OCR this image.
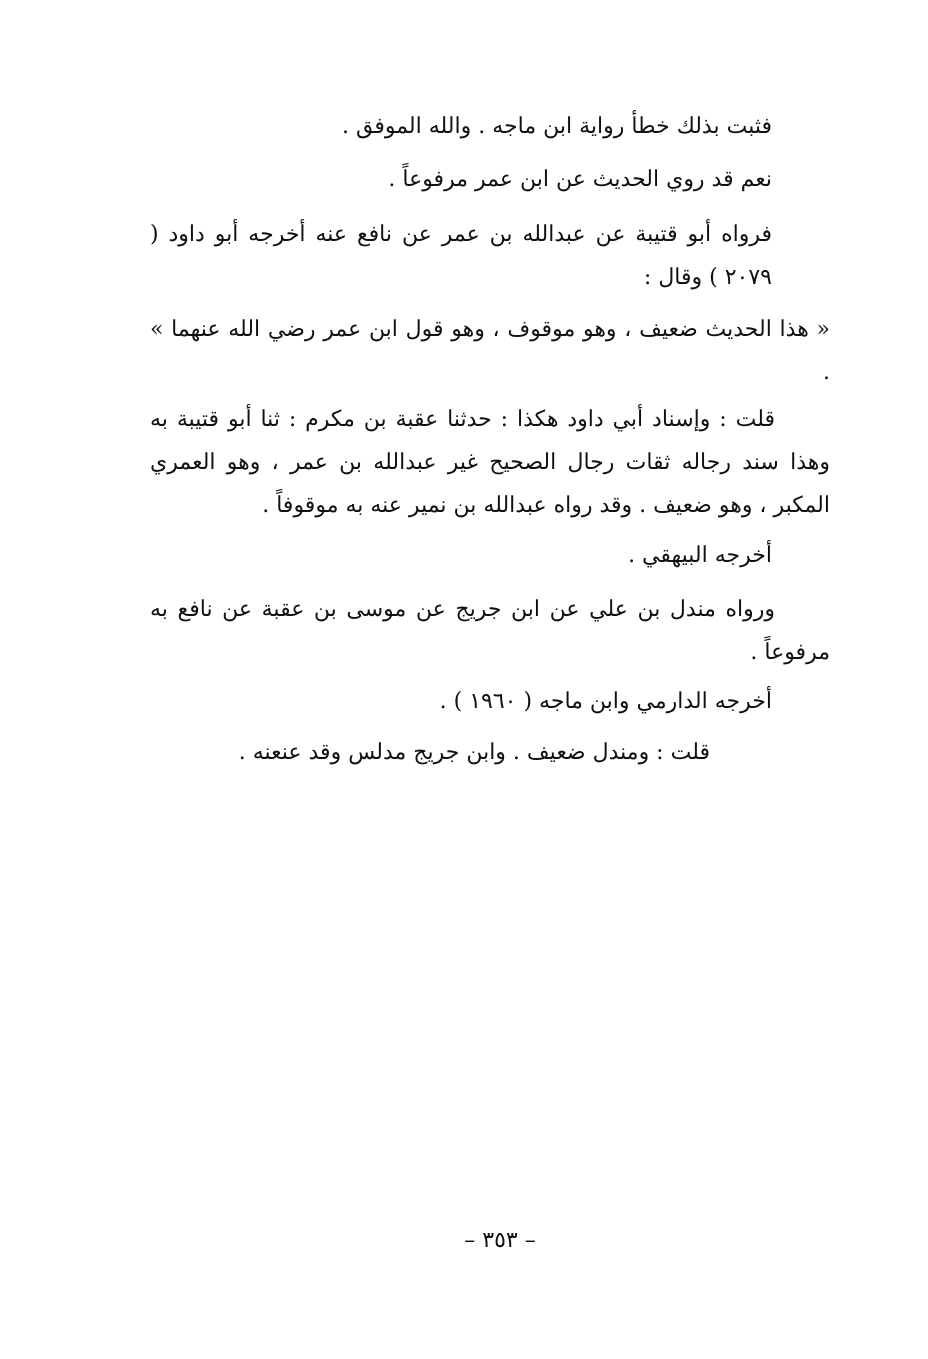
فثبت بذلك خطأ رواية ابن ماجه . والله الموفق .

نعم قد روي الحديث عن ابن عمر مرفوعاً .

فرواه أبو قتيبة عن عبدالله بن عمر عن نافع عنه أخرجه أبو داود ( ٢٠٧٩ ) وقال :

« هذا الحديث ضعيف ، وهو موقوف ، وهو قول ابن عمر رضي الله عنهما » .

قلت : وإسناد أبي داود هكذا : حدثنا عقبة بن مكرم : ثنا أبو قتيبة به وهذا سند رجاله ثقات رجال الصحيح غير عبدالله بن عمر ، وهو العمري المكبر ، وهو ضعيف . وقد رواه عبدالله بن نمير عنه به موقوفاً .

أخرجه البيهقي .

ورواه مندل بن علي عن ابن جريج عن موسى بن عقبة عن نافع به مرفوعاً .

أخرجه الدارمي وابن ماجه ( ١٩٦٠ ) .

قلت : ومندل ضعيف . وابن جريج مدلس وقد عنعنه .

– ٣٥٣ –
